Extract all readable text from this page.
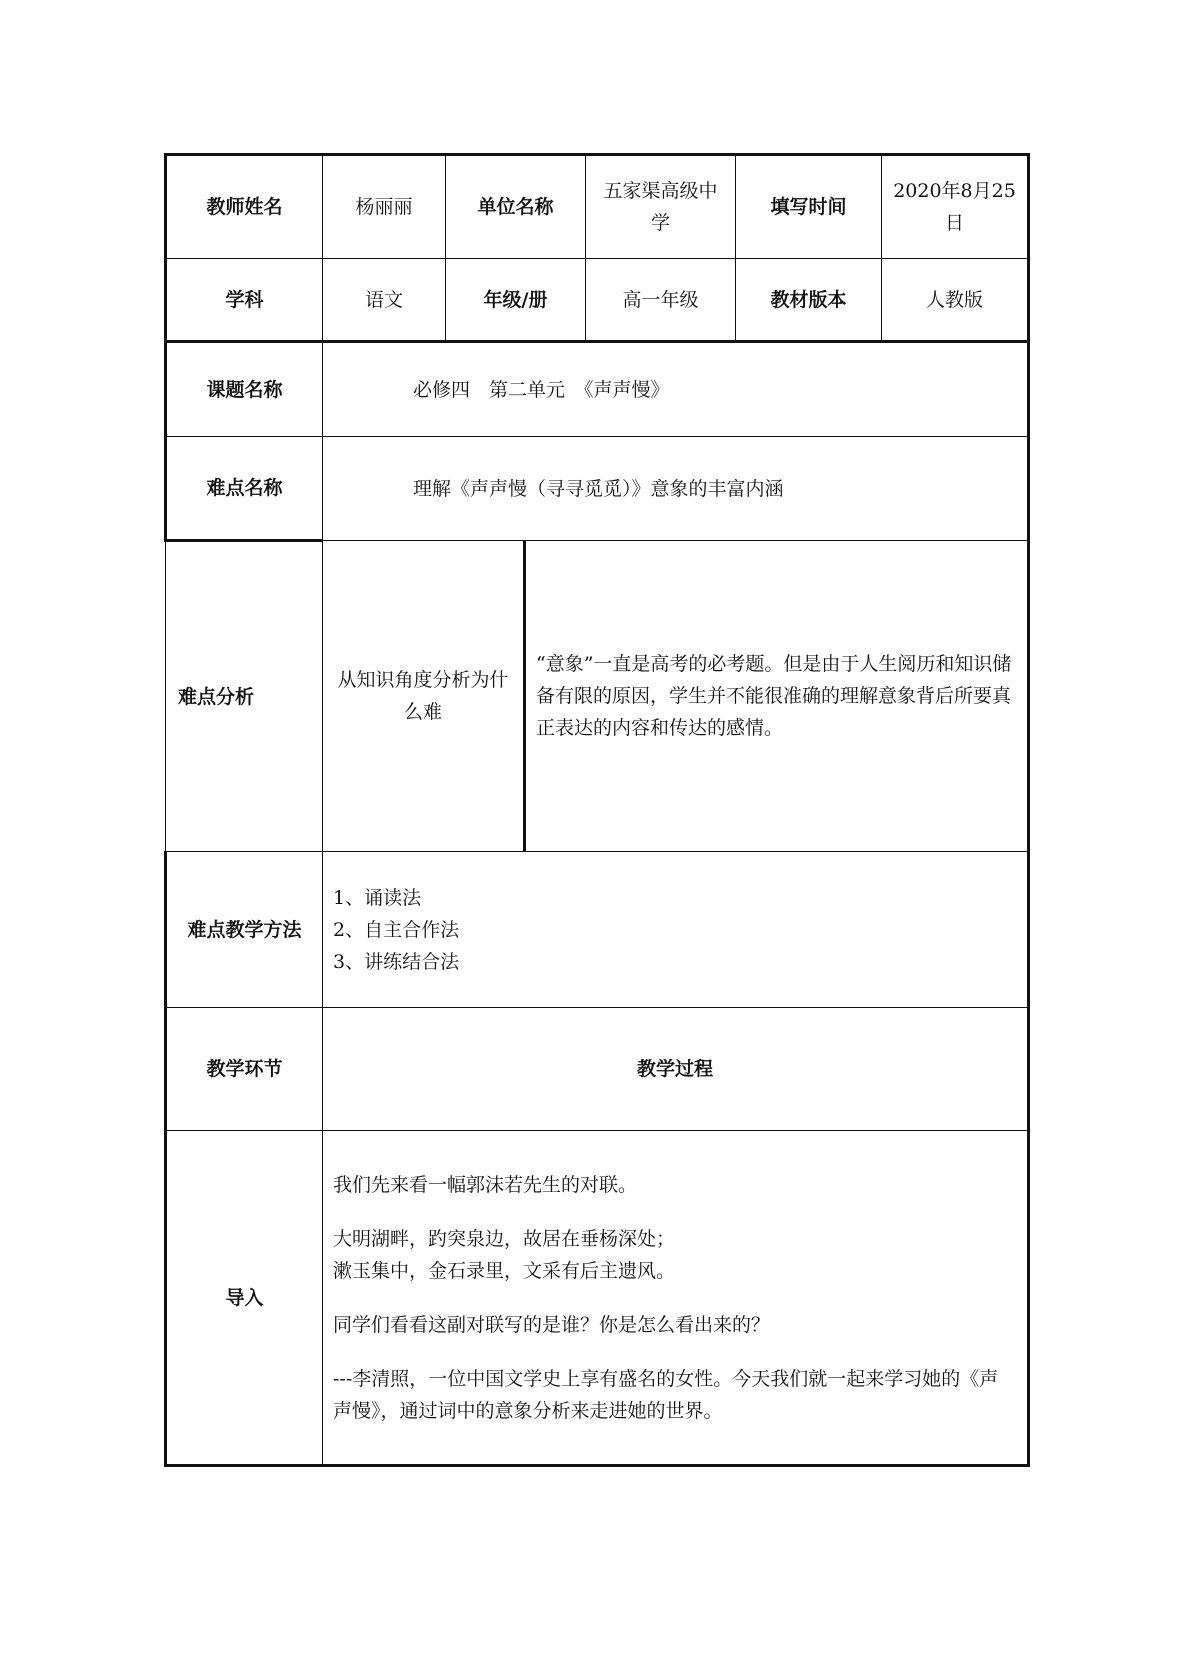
教师姓名	杨丽丽	单位名称		五家渠高级中学	填写时间	2020年8月25日
学科	语文	年级/册		高一年级	教材版本	人教版
课题名称	必修四　第二单元　《声声慢》					
难点名称	理解《声声慢（寻寻觅觅）》意象的丰富内涵					
难点分析	从知识角度分析为什么难		“意象”一直是高考的必考题。但是由于人生阅历和知识储备有限的原因，学生并不能很准确的理解意象背后所要真正表达的内容和传达的感情。			
难点教学方法	1、诵读法

2、自主合作法

3、讲练结合法					

教学环节	教学过程					
导入	我们先来看一幅郭沫若先生的对联。

大明湖畔，趵突泉边，故居在垂杨深处；

漱玉集中，金石录里，文采有后主遗风。

同学们看看这副对联写的是谁？你是怎么看出来的？

---李清照，一位中国文学史上享有盛名的女性。今天我们就一起来学习她的《声声慢》，通过词中的意象分析来走进她的世界。					
